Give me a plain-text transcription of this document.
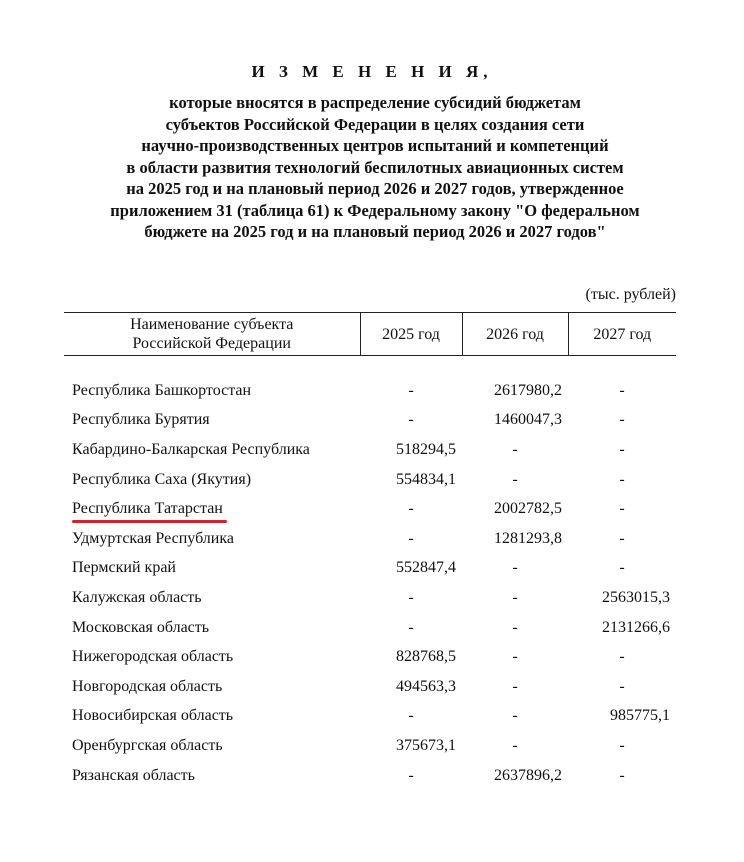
И З М Е Н Е Н И Я,
которые вносятся в распределение субсидий бюджетам
субъектов Российской Федерации в целях создания сети
научно-производственных центров испытаний и компетенций
в области развития технологий беспилотных авиационных систем
на 2025 год и на плановый период 2026 и 2027 годов, утвержденное
приложением 31 (таблица 61) к Федеральному закону "О федеральном
бюджете на 2025 год и на плановый период 2026 и 2027 годов"
(тыс. рублей)
Наименование субъекта
Российской Федерации	2025 год	2026 год	2027 год

Республика Башкортостан	-	2617980,2	-
Республика Бурятия	-	1460047,3	-
Кабардино-Балкарская Республика	518294,5	-	-
Республика Саха (Якутия)	554834,1	-	-
Республика Татарстан	-	2002782,5	-
Удмуртская Республика	-	1281293,8	-
Пермский край	552847,4	-	-
Калужская область	-	-	2563015,3
Московская область	-	-	2131266,6
Нижегородская область	828768,5	-	-
Новгородская область	494563,3	-	-
Новосибирская область	-	-	985775,1
Оренбургская область	375673,1	-	-
Рязанская область	-	2637896,2	-
